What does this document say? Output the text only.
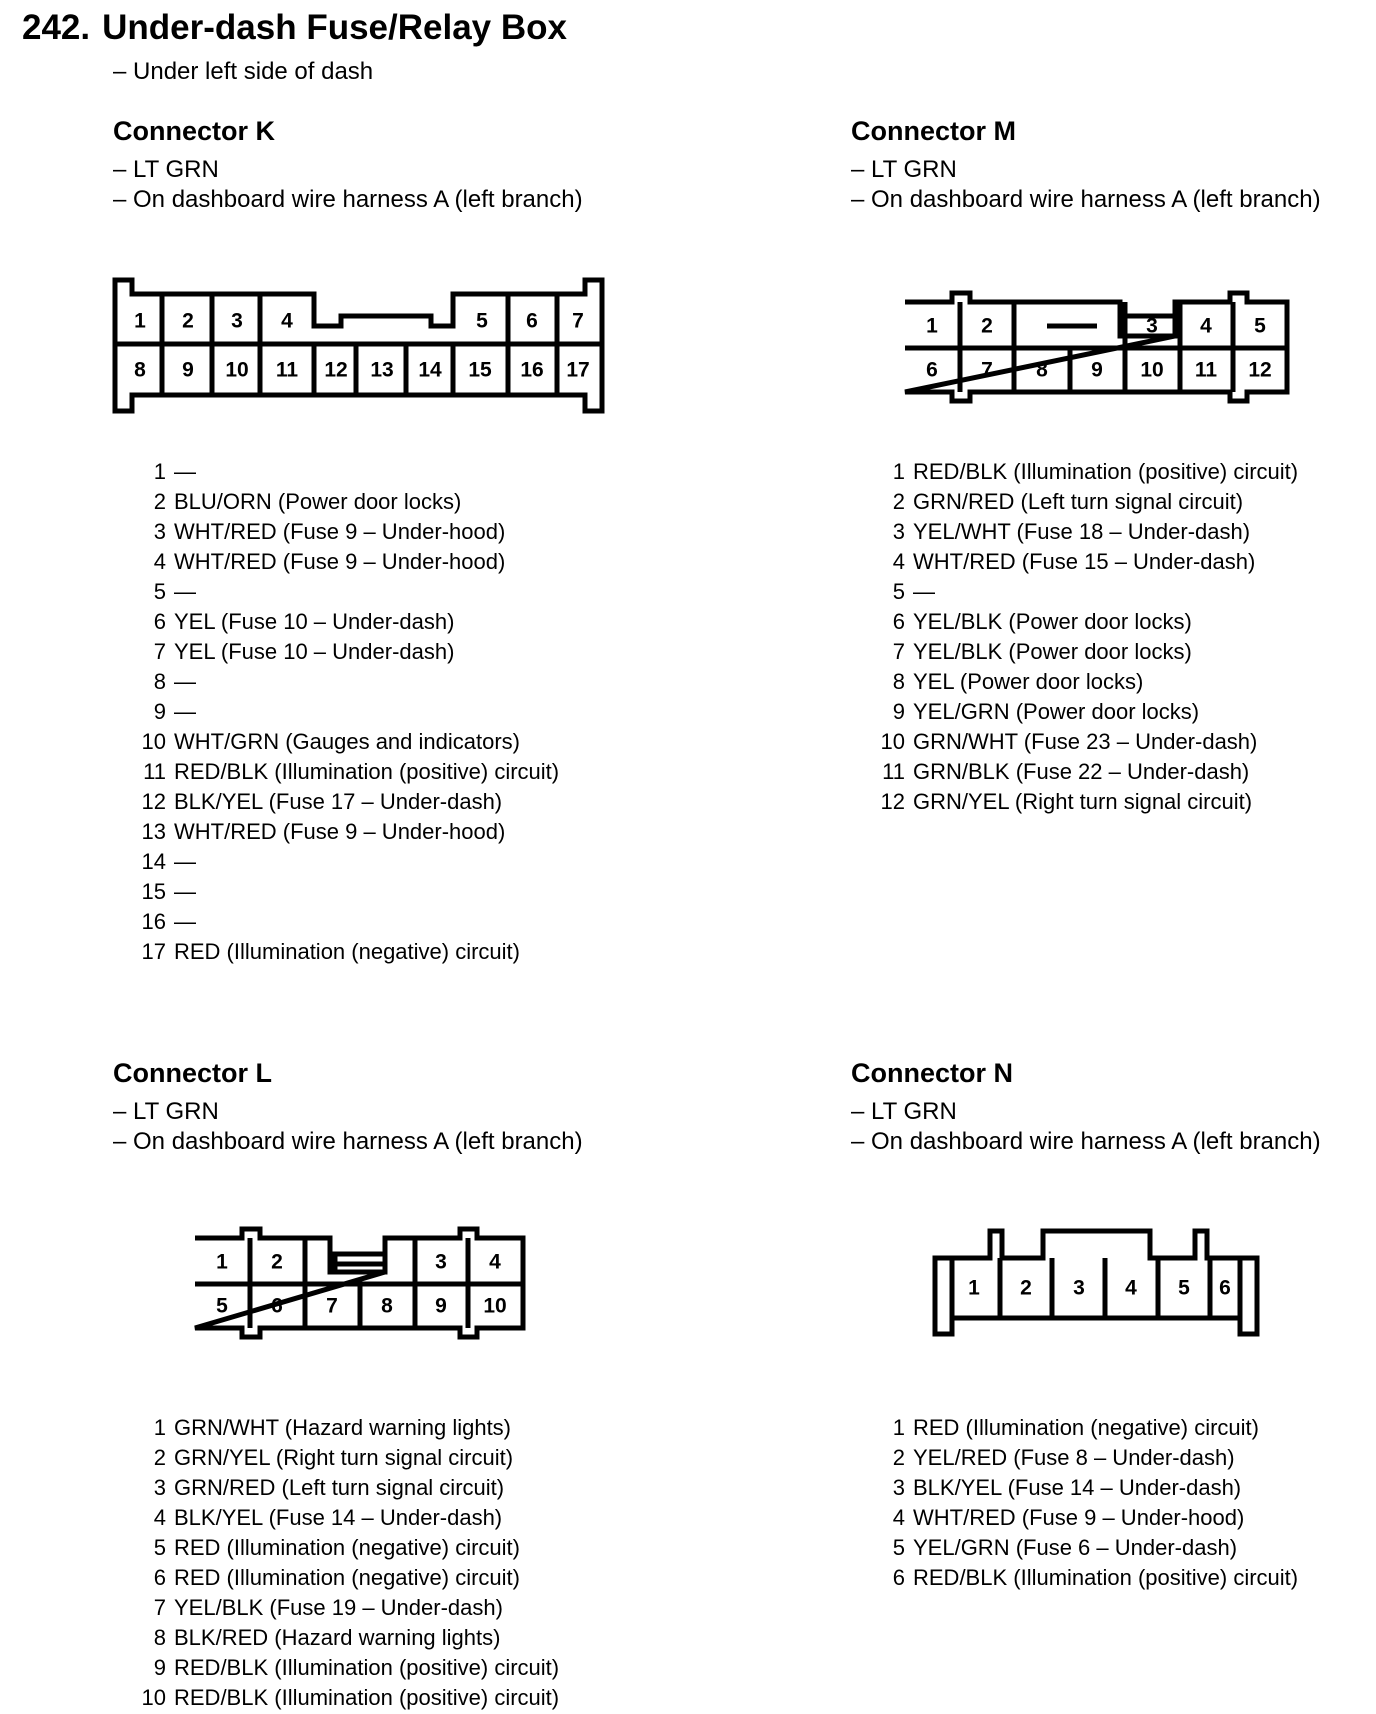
242. Under-dash Fuse/Relay Box
– Under left side of dash
Connector K
– LT GRN
– On dashboard wire harness A (left branch)
1 2 3 4	5 6 7
8 9 10 11 12 13 14 15 16 17
1 —
2 BLU/ORN (Power door locks)
3 WHT/RED (Fuse 9 – Under-hood)
4 WHT/RED (Fuse 9 – Under-hood)
5 —
6 YEL (Fuse 10 – Under-dash)
7 YEL (Fuse 10 – Under-dash)
8 —
9 —
10 WHT/GRN (Gauges and indicators)
11 RED/BLK (Illumination (positive) circuit)
12 BLK/YEL (Fuse 17 – Under-dash)
13 WHT/RED (Fuse 9 – Under-hood)
14 —
15 —
16 —
17 RED (Illumination (negative) circuit)
Connector M
– LT GRN
– On dashboard wire harness A (left branch)
1 2	3 4 5
6 7 8 9 10 11 12
1 RED/BLK (Illumination (positive) circuit)
2 GRN/RED (Left turn signal circuit)
3 YEL/WHT (Fuse 18 – Under-dash)
4 WHT/RED (Fuse 15 – Under-dash)
5 —
6 YEL/BLK (Power door locks)
7 YEL/BLK (Power door locks)
8 YEL (Power door locks)
9 YEL/GRN (Power door locks)
10 GRN/WHT (Fuse 23 – Under-dash)
11 GRN/BLK (Fuse 22 – Under-dash)
12 GRN/YEL (Right turn signal circuit)
Connector L
– LT GRN
– On dashboard wire harness A (left branch)
1 2	3 4
5 6 7 8 9 10
1 GRN/WHT (Hazard warning lights)
2 GRN/YEL (Right turn signal circuit)
3 GRN/RED (Left turn signal circuit)
4 BLK/YEL (Fuse 14 – Under-dash)
5 RED (Illumination (negative) circuit)
6 RED (Illumination (negative) circuit)
7 YEL/BLK (Fuse 19 – Under-dash)
8 BLK/RED (Hazard warning lights)
9 RED/BLK (Illumination (positive) circuit)
10 RED/BLK (Illumination (positive) circuit)
Connector N
– LT GRN
– On dashboard wire harness A (left branch)
1 2 3 4 5 6
1 RED (Illumination (negative) circuit)
2 YEL/RED (Fuse 8 – Under-dash)
3 BLK/YEL (Fuse 14 – Under-dash)
4 WHT/RED (Fuse 9 – Under-hood)
5 YEL/GRN (Fuse 6 – Under-dash)
6 RED/BLK (Illumination (positive) circuit)
